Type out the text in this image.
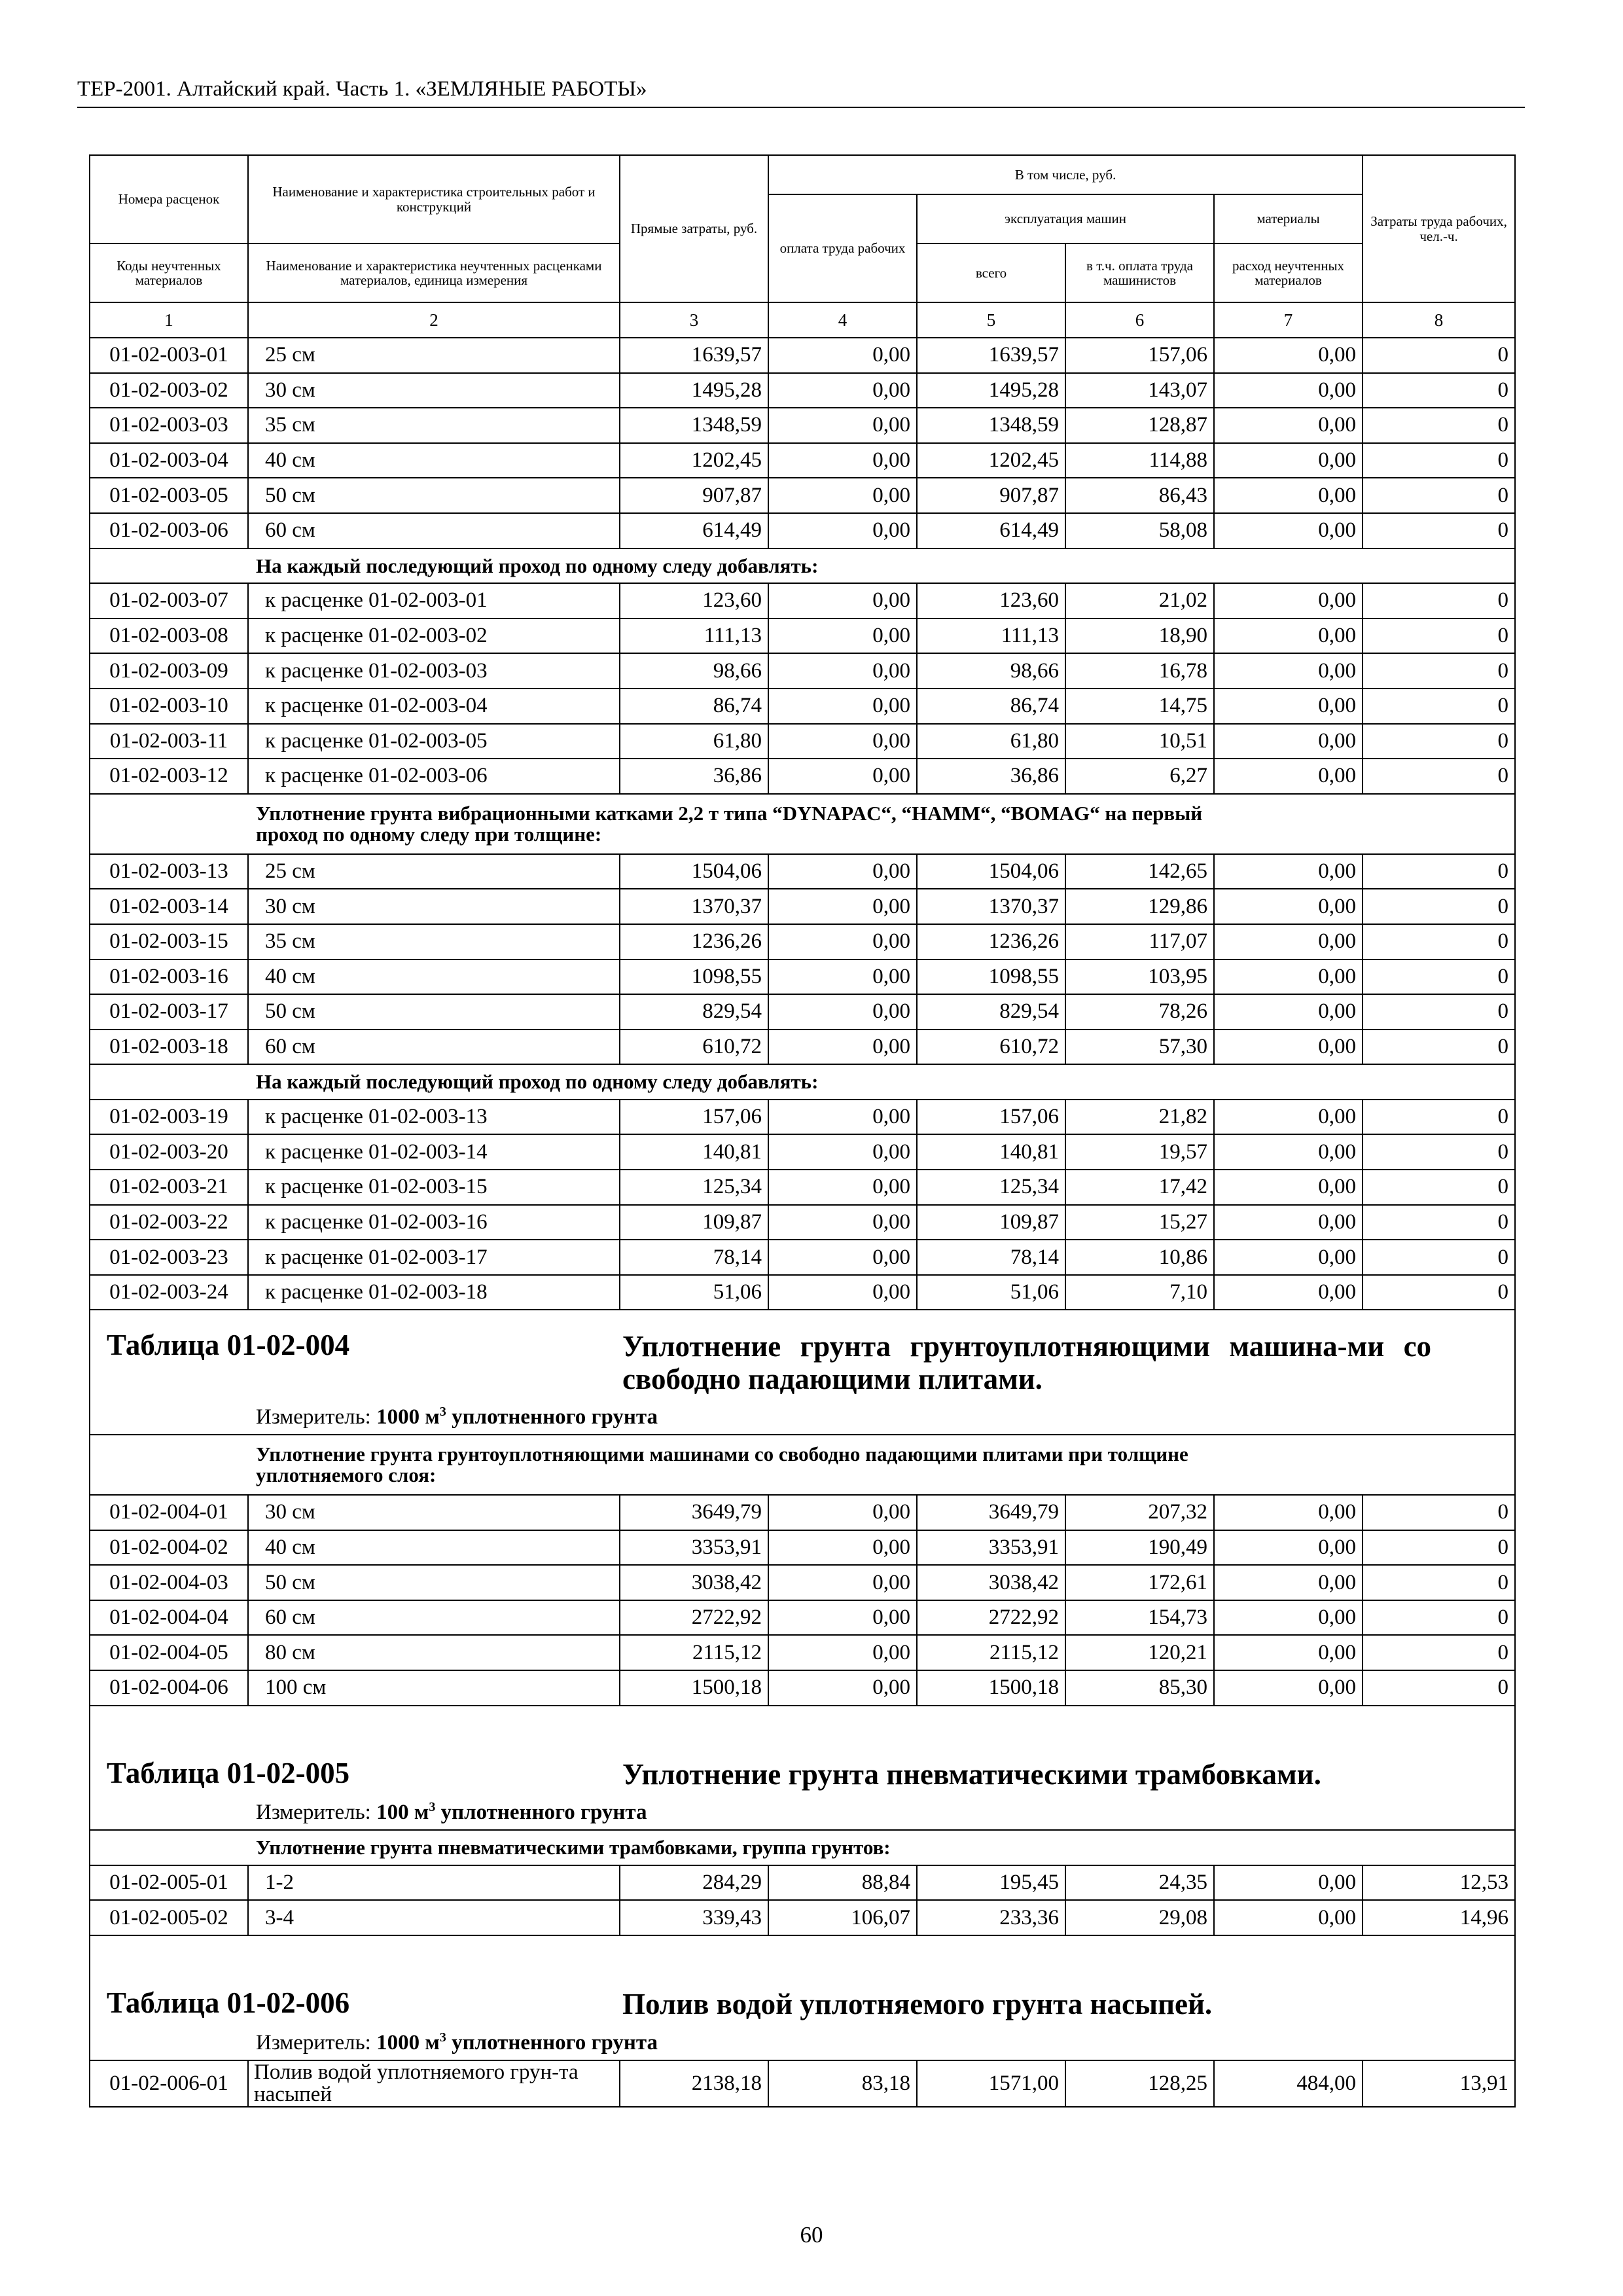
ТЕР-2001. Алтайский край. Часть 1. «ЗЕМЛЯНЫЕ РАБОТЫ»
Номера расценок	Наименование и характеристика строительных работ и конструкций	Прямые затраты, руб.	В том числе, руб.				Затраты труда рабочих, чел.-ч.
			оплата труда рабочих	эксплуатация машин		материалы	
Коды неучтенных материалов	Наименование и характеристика неучтенных расценками материалов, единица измерения			всего	в т.ч. оплата труда машинистов	расход неучтенных материалов	

1	2	3	4	5	6	7	8
01-02-003-01	25 см	1639,57	0,00	1639,57	157,06	0,00	0
01-02-003-02	30 см	1495,28	0,00	1495,28	143,07	0,00	0
01-02-003-03	35 см	1348,59	0,00	1348,59	128,87	0,00	0
01-02-003-04	40 см	1202,45	0,00	1202,45	114,88	0,00	0
01-02-003-05	50 см	907,87	0,00	907,87	86,43	0,00	0
01-02-003-06	60 см	614,49	0,00	614,49	58,08	0,00	0
На каждый последующий проход по одному следу добавлять:							
01-02-003-07	к расценке 01-02-003-01	123,60	0,00	123,60	21,02	0,00	0
01-02-003-08	к расценке 01-02-003-02	111,13	0,00	111,13	18,90	0,00	0
01-02-003-09	к расценке 01-02-003-03	98,66	0,00	98,66	16,78	0,00	0
01-02-003-10	к расценке 01-02-003-04	86,74	0,00	86,74	14,75	0,00	0
01-02-003-11	к расценке 01-02-003-05	61,80	0,00	61,80	10,51	0,00	0
01-02-003-12	к расценке 01-02-003-06	36,86	0,00	36,86	6,27	0,00	0
Уплотнение грунта вибрационными катками 2,2 т типа “DYNAPAC“, “HAMM“, “BOMAG“ на первый
проход по одному следу при толщине:							
01-02-003-13	25 см	1504,06	0,00	1504,06	142,65	0,00	0
01-02-003-14	30 см	1370,37	0,00	1370,37	129,86	0,00	0
01-02-003-15	35 см	1236,26	0,00	1236,26	117,07	0,00	0
01-02-003-16	40 см	1098,55	0,00	1098,55	103,95	0,00	0
01-02-003-17	50 см	829,54	0,00	829,54	78,26	0,00	0
01-02-003-18	60 см	610,72	0,00	610,72	57,30	0,00	0
На каждый последующий проход по одному следу добавлять:							
01-02-003-19	к расценке 01-02-003-13	157,06	0,00	157,06	21,82	0,00	0
01-02-003-20	к расценке 01-02-003-14	140,81	0,00	140,81	19,57	0,00	0
01-02-003-21	к расценке 01-02-003-15	125,34	0,00	125,34	17,42	0,00	0
01-02-003-22	к расценке 01-02-003-16	109,87	0,00	109,87	15,27	0,00	0
01-02-003-23	к расценке 01-02-003-17	78,14	0,00	78,14	10,86	0,00	0
01-02-003-24	к расценке 01-02-003-18	51,06	0,00	51,06	7,10	0,00	0

Таблица 01-02-004 Уплотнение грунта грунтоуплотняющими машина-ми со свободно падающими плитами.							

Измеритель: 1000 $м^3$ уплотненного грунта							
Уплотнение грунта грунтоуплотняющими машинами со свободно падающими плитами при толщине
уплотняемого слоя:							
01-02-004-01	30 см	3649,79	0,00	3649,79	207,32	0,00	0
01-02-004-02	40 см	3353,91	0,00	3353,91	190,49	0,00	0
01-02-004-03	50 см	3038,42	0,00	3038,42	172,61	0,00	0
01-02-004-04	60 см	2722,92	0,00	2722,92	154,73	0,00	0
01-02-004-05	80 см	2115,12	0,00	2115,12	120,21	0,00	0
01-02-004-06	100 см	1500,18	0,00	1500,18	85,30	0,00	0

Таблица 01-02-005 Уплотнение грунта пневматическими трамбовками.							

Измеритель: 100 $м^3$ уплотненного грунта							
Уплотнение грунта пневматическими трамбовками, группа грунтов:							
01-02-005-01	1-2	284,29	88,84	195,45	24,35	0,00	12,53
01-02-005-02	3-4	339,43	106,07	233,36	29,08	0,00	14,96

Таблица 01-02-006 Полив водой уплотняемого грунта насыпей.							

Измеритель: 1000 $м^3$ уплотненного грунта							
01-02-006-01	Полив водой уплотняемого грун-та насыпей	2138,18	83,18	1571,00	128,25	484,00	13,91
60
